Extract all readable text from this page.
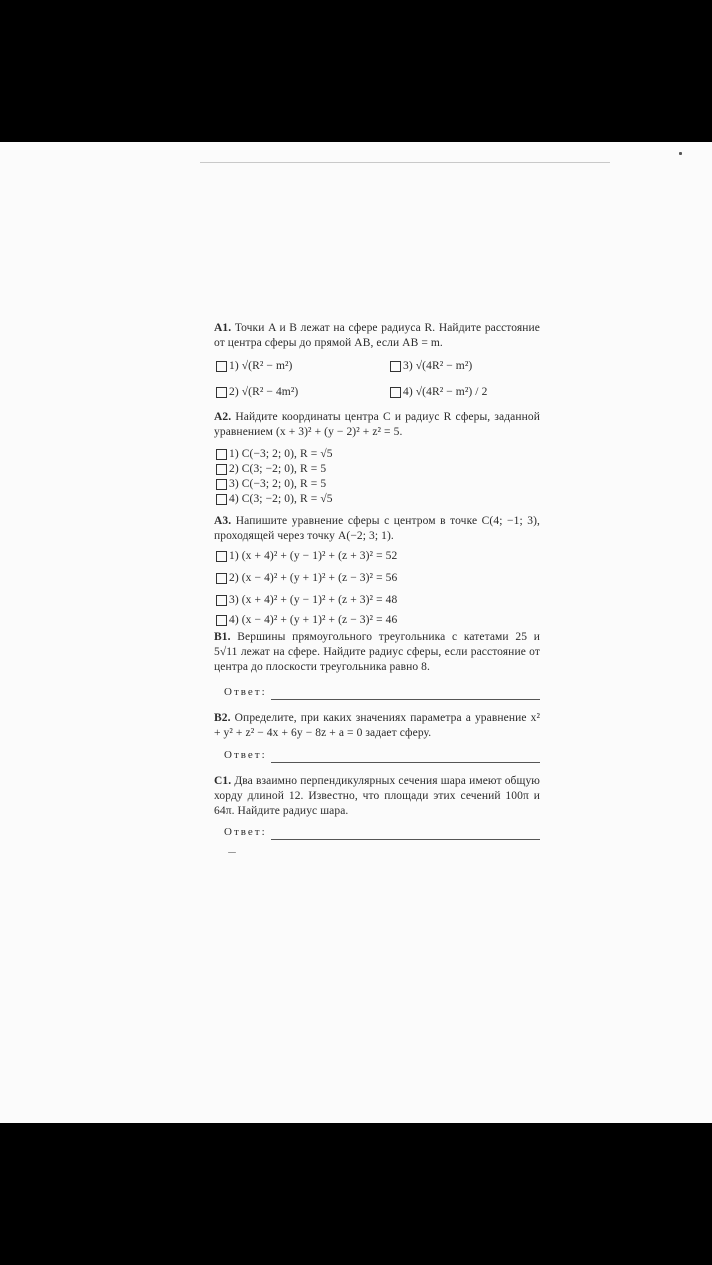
А1. Точки A и B лежат на сфере радиуса R. Найдите расстояние от центра сферы до прямой AB, если AB = m.
1) √(R² − m²)	3) √(4R² − m²)
2) √(R² − 4m²)	4) √(4R² − m²) / 2
А2. Найдите координаты центра C и радиус R сферы, заданной уравнением (x + 3)² + (y − 2)² + z² = 5.
1) C(−3; 2; 0), R = √5
2) C(3; −2; 0), R = 5
3) C(−3; 2; 0), R = 5
4) C(3; −2; 0), R = √5
А3. Напишите уравнение сферы с центром в точке C(4; −1; 3), проходящей через точку A(−2; 3; 1).
1) (x + 4)² + (y − 1)² + (z + 3)² = 52
2) (x − 4)² + (y + 1)² + (z − 3)² = 56
3) (x + 4)² + (y − 1)² + (z + 3)² = 48
4) (x − 4)² + (y + 1)² + (z − 3)² = 46
В1. Вершины прямоугольного треугольника с катетами 25 и 5√11 лежат на сфере. Найдите радиус сферы, если расстояние от центра до плоскости треугольника равно 8.
Ответ:
В2. Определите, при каких значениях параметра a уравнение x² + y² + z² − 4x + 6y − 8z + a = 0 задает сферу.
Ответ:
С1. Два взаимно перпендикулярных сечения шара имеют общую хорду длиной 12. Известно, что площади этих сечений 100π и 64π. Найдите радиус шара.
Ответ:
